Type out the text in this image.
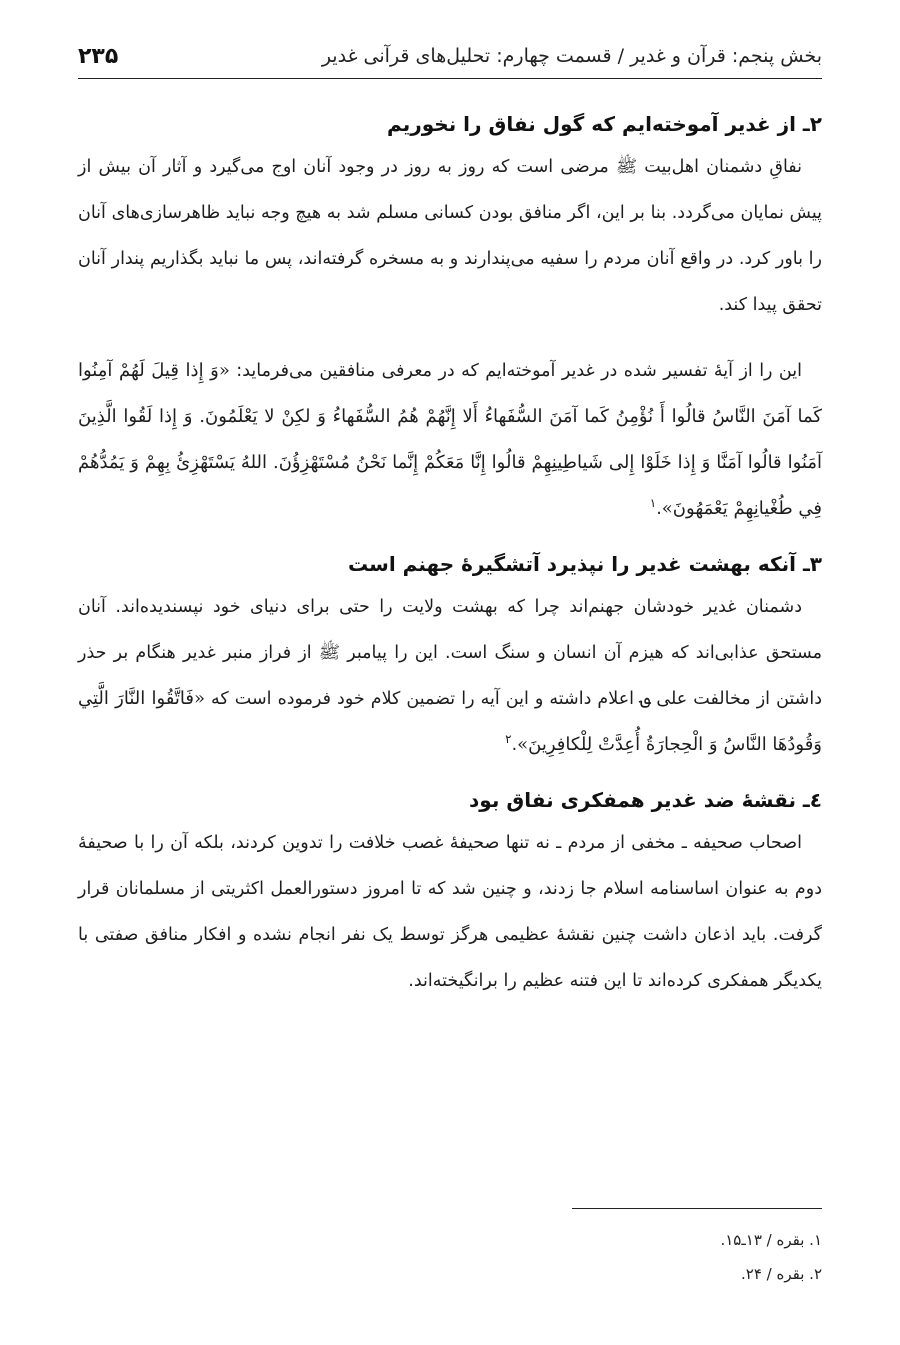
بخش پنجم: قرآن و غدیر / قسمت چهارم: تحلیل‌های قرآنی غدیر
۲۳۵
۲ـ از غدیر آموخته‌ایم که گول نفاق را نخوریم

نفاقِ دشمنان اهل‌بیت ﷺ مرضی است که روز به روز در وجود آنان اوج می‌گیرد و آثار آن بیش از پیش نمایان می‌گردد. بنا بر این، اگر منافق بودن کسانی مسلم شد به هیچ وجه نباید ظاهرسازی‌های آنان را باور کرد. در واقع آنان مردم را سفیه می‌پندارند و به مسخره گرفته‌اند، پس ما نباید بگذاریم پندار آنان تحقق پیدا کند.

این را از آیهٔ تفسیر شده در غدیر آموخته‌ایم که در معرفی منافقین می‌فرماید: «وَ إِذا قِيلَ لَهُمْ آمِنُوا كَما آمَنَ النَّاسُ قالُوا أَ نُؤْمِنُ كَما آمَنَ السُّفَهاءُ أَلا إِنَّهُمْ هُمُ السُّفَهاءُ وَ لكِنْ لا يَعْلَمُونَ. وَ إِذا لَقُوا الَّذِينَ آمَنُوا قالُوا آمَنَّا وَ إِذا خَلَوْا إِلى شَياطِينِهِمْ قالُوا إِنَّا مَعَكُمْ إِنَّما نَحْنُ مُسْتَهْزِؤُنَ. اللهُ يَسْتَهْزِئُ بِهِمْ وَ يَمُدُّهُمْ فِي طُغْيانِهِمْ يَعْمَهُونَ».$^۱$

۳ـ آنکه بهشت غدیر را نپذیرد آتشگیرهٔ جهنم است

دشمنان غدیر خودشان جهنم‌اند چرا که بهشت ولایت را حتی برای دنیای خود نپسندیده‌اند. آنان مستحق عذابی‌اند که هیزم آن انسان و سنگ است. این را پیامبر ﷺ از فراز منبر غدیر هنگام بر حذر داشتن از مخالفت علی ؈ اعلام داشته و این آیه را تضمین کلام خود فرموده است که «فَاتَّقُوا النَّارَ الَّتِي وَقُودُهَا النَّاسُ وَ الْحِجارَةُ أُعِدَّتْ لِلْكافِرِينَ».$^۲$

٤ـ نقشهٔ ضد غدیر همفکری نفاق بود

اصحاب صحیفه ـ مخفی از مردم ـ نه تنها صحیفهٔ غصب خلافت را تدوین کردند، بلکه آن را با صحیفهٔ دوم به عنوان اساسنامه اسلام جا زدند، و چنین شد که تا امروز دستورالعمل اکثریتی از مسلمانان قرار گرفت. باید اذعان داشت چنین نقشهٔ عظیمی هرگز توسط یک نفر انجام نشده و افکار منافق صفتی با یکدیگر همفکری کرده‌اند تا این فتنه عظیم را برانگیخته‌اند.

۱. بقره / ۱۳ـ۱۵.

۲. بقره / ۲۴.
